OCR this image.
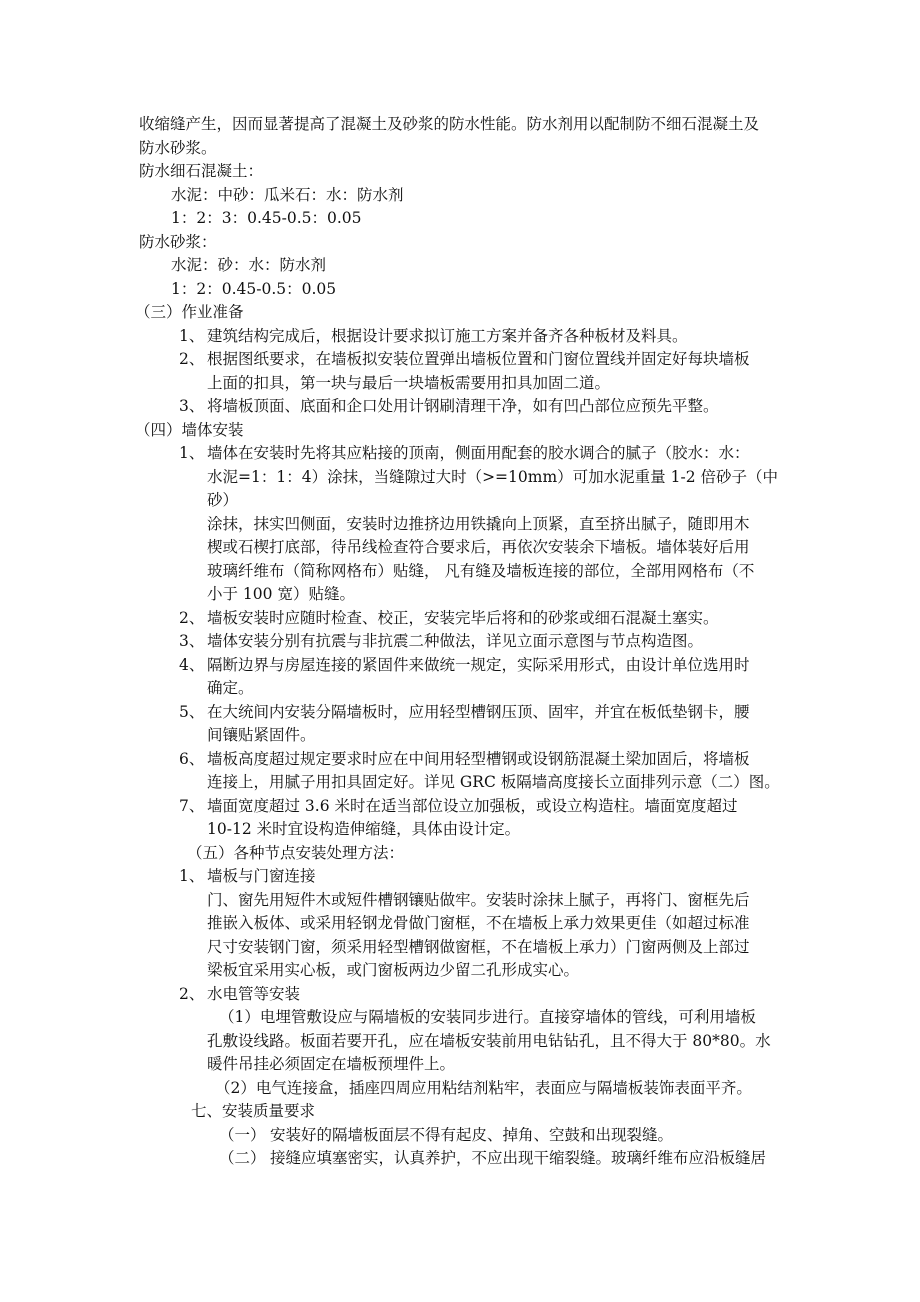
收缩缝产生，因而显著提高了混凝土及砂浆的防水性能。防水剂用以配制防不细石混凝土及

防水砂浆。

防水细石混凝土：

水泥：中砂：瓜米石：水：防水剂

1：2：3：0.45-0.5：0.05

防水砂浆：

水泥：砂：水：防水剂

1：2：0.45-0.5：0.05

（三）作业准备

1、 建筑结构完成后，根据设计要求拟订施工方案并备齐各种板材及料具。

2、 根据图纸要求，在墙板拟安装位置弹出墙板位置和门窗位置线并固定好每块墙板

上面的扣具，第一块与最后一块墙板需要用扣具加固二道。

3、 将墙板顶面、底面和企口处用计钢刷清理干净，如有凹凸部位应预先平整。

（四）墙体安装

1、 墙体在安装时先将其应粘接的顶南，侧面用配套的胶水调合的腻子（胶水：水：

水泥=1：1：4）涂抹，当缝隙过大时（>=10mm）可加水泥重量 1-2 倍砂子（中砂）

涂抹，抹实凹侧面，安装时边推挤边用铁撬向上顶紧，直至挤出腻子，随即用木

楔或石楔打底部，待吊线检查符合要求后，再依次安装余下墙板。墙体装好后用

玻璃纤维布（简称网格布）贴缝， 凡有缝及墙板连接的部位，全部用网格布（不

小于 100 宽）贴缝。

2、 墙板安装时应随时检查、校正，安装完毕后将和的砂浆或细石混凝土塞实。

3、 墙体安装分别有抗震与非抗震二种做法，详见立面示意图与节点构造图。

4、 隔断边界与房屋连接的紧固件来做统一规定，实际采用形式，由设计单位选用时

确定。

5、 在大统间内安装分隔墙板时，应用轻型槽钢压顶、固牢，并宜在板低垫钢卡，腰

间镶贴紧固件。

6、 墙板高度超过规定要求时应在中间用轻型槽钢或设钢筋混凝土梁加固后，将墙板

连接上，用腻子用扣具固定好。详见 GRC 板隔墙高度接长立面排列示意（二）图。

7、 墙面宽度超过 3.6 米时在适当部位设立加强板，或设立构造柱。墙面宽度超过

10-12 米时宜设构造伸缩缝，具体由设计定。

（五）各种节点安装处理方法：

1、 墙板与门窗连接

门、窗先用短件木或短件槽钢镶贴做牢。安装时涂抹上腻子，再将门、窗框先后

推嵌入板体、或采用轻钢龙骨做门窗框，不在墙板上承力效果更佳（如超过标准

尺寸安装钢门窗，须采用轻型槽钢做窗框，不在墙板上承力）门窗两侧及上部过

梁板宜采用实心板，或门窗板两边少留二孔形成实心。

2、 水电管等安装

（1）电埋管敷设应与隔墙板的安装同步进行。直接穿墙体的管线，可利用墙板

孔敷设线路。板面若要开孔，应在墙板安装前用电钻钻孔，且不得大于 80*80。水

暖件吊挂必须固定在墙板预埋件上。

（2）电气连接盒，插座四周应用粘结剂粘牢，表面应与隔墙板装饰表面平齐。

七、安装质量要求

（一） 安装好的隔墙板面层不得有起皮、掉角、空鼓和出现裂缝。

（二） 接缝应填塞密实，认真养护，不应出现干缩裂缝。玻璃纤维布应沿板缝居
